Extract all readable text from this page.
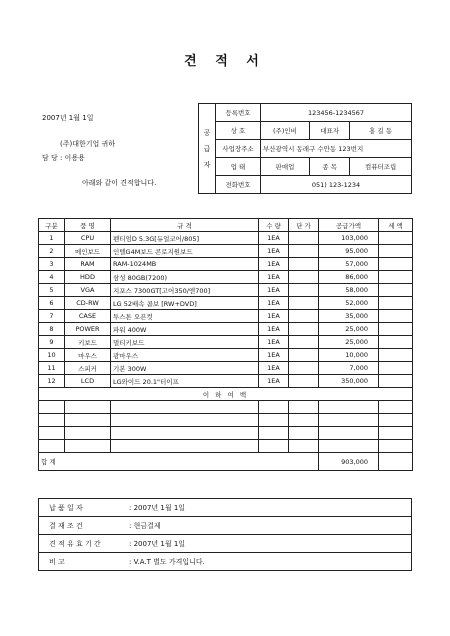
견 적 서
2007년 1월 1일
(주)대한기업 귀하
담 당 : 이용용
아래와 같이 견적합니다.
공 급 자	등록번호	123456-1234567		
	상 호	(주)인비	대표자	홍 길 동
	사업장주소	부산광역시 동래구 수안동 123번지		
	업 태	판매업	종 목	컴퓨터조립
	전화번호	051) 123-1234		
구분	품 명	규 격	수 량	단 가	공급가액	세 액
1	CPU	펜티엄D 5.3G[듀얼코어/805]	1EA		103,000	
2	메인보드	인텔G4M보드 콘로지원보드	1EA		95,000	
3	RAM	RAM-1024MB	1EA		57,000	
4	HDD	삼성 80GB(7200)	1EA		86,000	
5	VGA	지포스 7300GT[고어350/엔700]	1EA		58,000	
6	CD-RW	LG 52배속 콤보 [RW+DVD]	1EA		52,000	
7	CASE	투스톤 오픈컷	1EA		35,000	
8	POWER	파워 400W	1EA		25,000	
9	키보드	멀티키보드	1EA		25,000	
10	마우스	광마우스	1EA		10,000	
11	스피커	기본 300W	1EA		7,000	
12	LCD	LG와이드 20.1"터이프	1EA		350,000	
이 하 여 백						

합 계					903,000	
납 품 일 자	: 2007년 1월 1일
결 재 조 건	: 현금결제
견 적 유 효 기 간	: 2007년 1월 1일
비 고	: V.A.T 별도 가격입니다.
